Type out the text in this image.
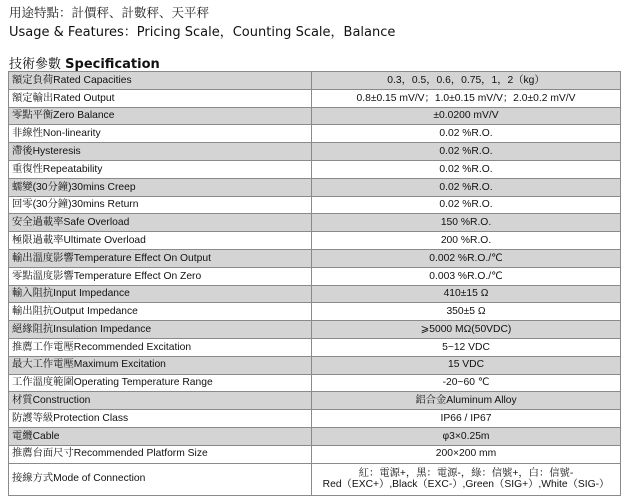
用途特點：計價秤、計數秤、天平秤
Usage & Features：Pricing Scale，Counting Scale，Balance
技術參數 Specification
額定負荷Rated Capacities	0.3，0.5，0.6，0.75，1，2（kg）
額定輸出Rated Output	0.8±0.15 mV/V；1.0±0.15 mV/V；2.0±0.2 mV/V
零點平衡Zero Balance	±0.0200 mV/V
非線性Non-linearity	0.02 %R.O.
滯後Hysteresis	0.02 %R.O.
重復性Repeatability	0.02 %R.O.
蠕變(30分鐘)30mins Creep	0.02 %R.O.
回零(30分鐘)30mins Return	0.02 %R.O.
安全過載率Safe Overload	150 %R.O.
極限過載率Ultimate Overload	200 %R.O.
輸出溫度影響Temperature Effect On Output	0.002 %R.O./℃
零點溫度影響Temperature Effect On Zero	0.003 %R.O./℃
輸入阻抗Input Impedance	410±15 Ω
輸出阻抗Output Impedance	350±5 Ω
絕緣阻抗Insulation Impedance	⩾5000 MΩ(50VDC)
推薦工作電壓Recommended Excitation	5~12 VDC
最大工作電壓Maximum Excitation	15 VDC
工作溫度範圍Operating Temperature Range	-20~60 ℃
材質Construction	鋁合金Aluminum Alloy
防護等級Protection Class	IP66 / IP67
電纜Cable	φ3×0.25m
推薦台面尺寸Recommended Platform Size	200×200 mm
接線方式Mode of Connection	紅：電源+，黑：電源-，綠：信號+，白：信號-
Red（EXC+）,Black（EXC-）,Green（SIG+）,White（SIG-）
